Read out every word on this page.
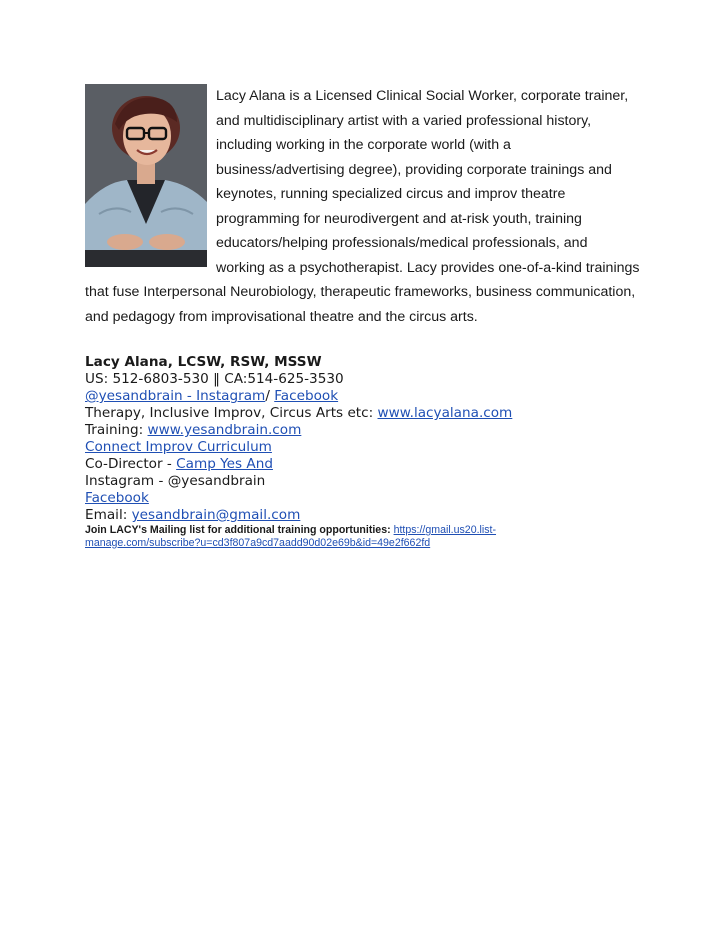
Lacy Alana is a Licensed Clinical Social Worker, corporate trainer, and multidisciplinary artist with a varied professional history, including working in the corporate world (with a business/advertising degree), providing corporate trainings and keynotes, running specialized circus and improv theatre programming for neurodivergent and at-risk youth, training educators/helping professionals/medical professionals, and working as a psychotherapist. Lacy provides one-of-a-kind trainings that fuse Interpersonal Neurobiology, therapeutic frameworks, business communication, and pedagogy from improvisational theatre and the circus arts.
Lacy Alana, LCSW, RSW, MSSW
US: 512-6803-530 ‖ CA:514-625-3530
@yesandbrain - Instagram/ Facebook
Therapy, Inclusive Improv, Circus Arts etc: www.lacyalana.com
Training: www.yesandbrain.com
Connect Improv Curriculum
Co-Director - Camp Yes And
Instagram - @yesandbrain
Facebook
Email: yesandbrain@gmail.com
Join LACY's Mailing list for additional training opportunities: https://gmail.us20.list-manage.com/subscribe?u=cd3f807a9cd7aadd90d02e69b&id=49e2f662fd
